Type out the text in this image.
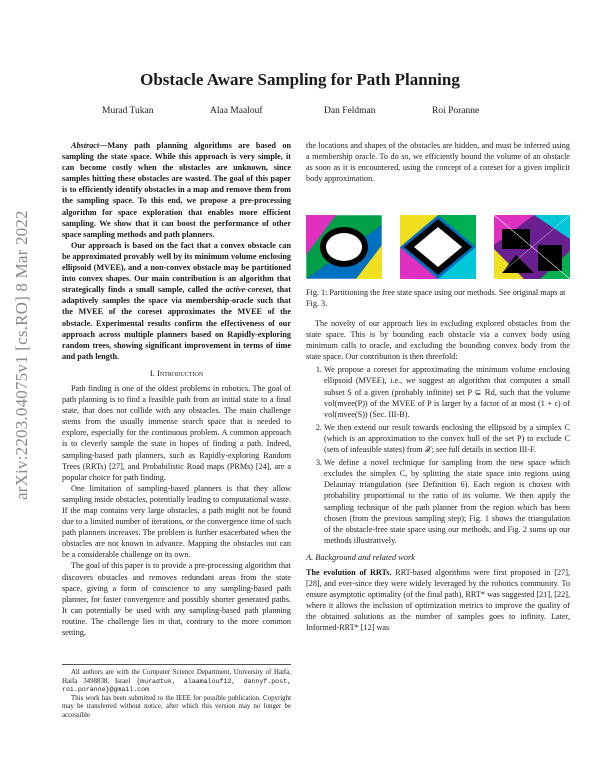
arXiv:2203.04075v1 [cs.RO] 8 Mar 2022
Obstacle Aware Sampling for Path Planning
Murad Tukan	Alaa Maalouf	Dan Feldman	Roi Poranne

Abstract—Many path planning algorithms are based on sampling the state space. While this approach is very simple, it can become costly when the obstacles are unknown, since samples hitting these obstacles are wasted. The goal of this paper is to efficiently identify obstacles in a map and remove them from the sampling space. To this end, we propose a pre-processing algorithm for space exploration that enables more efficient sampling. We show that it can boost the performance of other space sampling methods and path planners.

Our approach is based on the fact that a convex obstacle can be approximated provably well by its minimum volume enclosing ellipsoid (MVEE), and a non-convex obstacle may be partitioned into convex shapes. Our main contribution is an algorithm that strategically finds a small sample, called the active-coreset, that adaptively samples the space via membership-oracle such that the MVEE of the coreset approximates the MVEE of the obstacle. Experimental results confirm the effectiveness of our approach across multiple planners based on Rapidly-exploring random trees, showing significant improvement in terms of time and path length.

I. Introduction

Path finding is one of the oldest problems in robotics. The goal of path planning is to find a feasible path from an initial state to a final state, that does not collide with any obstacles. The main challenge stems from the usually immense search space that is needed to explore, especially for the continuous problem. A common approach is to cleverly sample the state in hopes of finding a path. Indeed, sampling-based path planners, such as Rapidly-exploring Random Trees (RRTs) [27], and Probabilistic Road maps (PRMs) [24], are a popular choice for path finding.

One limitation of sampling-based planners is that they allow sampling inside obstacles, potentially leading to computational waste. If the map contains very large obstacles, a path might not be found due to a limited number of iterations, or the convergence time of such path planners increases. The problem is further exacerbated when the obstacles are not known in advance. Mapping the obstacles out can be a considerable challenge on its own.

The goal of this paper is to provide a pre-processing algorithm that discovers obstacles and removes redundant areas from the state space, giving a form of conscience to any sampling-based path planner, for faster convergence and possibly shorter generated paths. It can potentially be used with any sampling-based path planning routine. The challenge lies in that, contrary to the more common setting,

All authors are with the Computer Science Department, University of Haifa, Haifa 3498838, Israel {muradtuk, alaamalouf12, dannyf.post, roi.poranne}@gmail.com

This work has been submitted to the IEEE for possible publication. Copyright may be transferred without notice, after which this version may no longer be accessible

the locations and shapes of the obstacles are hidden, and must be inferred using a membership oracle. To do so, we efficiently bound the volume of an obstacle as soon as it is encountered, using the concept of a coreset for a given implicit body approximation.

Fig. 1: Partitioning the free state space using our methods. See original maps at Fig. 3.

The novelty of our approach lies in excluding explored obstacles from the state space. This is by bounding each obstacle via a convex body using minimum calls to oracle, and excluding the bounding convex body from the state space. Our contribution is then threefold:

1. We propose a coreset for approximating the minimum volume enclosing ellipsoid (MVEE), i.e., we suggest an algorithm that computes a small subset S of a given (probably infinite) set P ⊆ ℝd, such that the volume vol(mvee(P)) of the MVEE of P is larger by a factor of at most (1 + ε) of vol(mvee(S)) (Sec. III-B).
2. We then extend our result towards enclosing the ellipsoid by a simplex C (which is an approximation to the convex hull of the set P) to exclude C (sets of infeasible states) from 𝒳; see full details in section III-F.
3. We define a novel technique for sampling from the new space which excludes the simplex C, by splitting the state space into regions using Delaunay triangulation (see Definition 6). Each region is chosen with probability proportional to the ratio of its volume. We then apply the sampling technique of the path planner from the region which has been chosen (from the previous sampling step); Fig. 1 shows the triangulation of the obstacle-free state space using our methods, and Fig. 2 sums up our methods illustratively.
A. Background and related work

The evolution of RRTs. RRT-based algorithms were first proposed in [27], [28], and ever-since they were widely leveraged by the robotics community. To ensure asymptotic optimality (of the final path), RRT* was suggested [21], [22], where it allows the inclusion of optimization metrics to improve the quality of the obtained solutions as the number of samples goes to infinity. Later, Informed-RRT* [12] was
